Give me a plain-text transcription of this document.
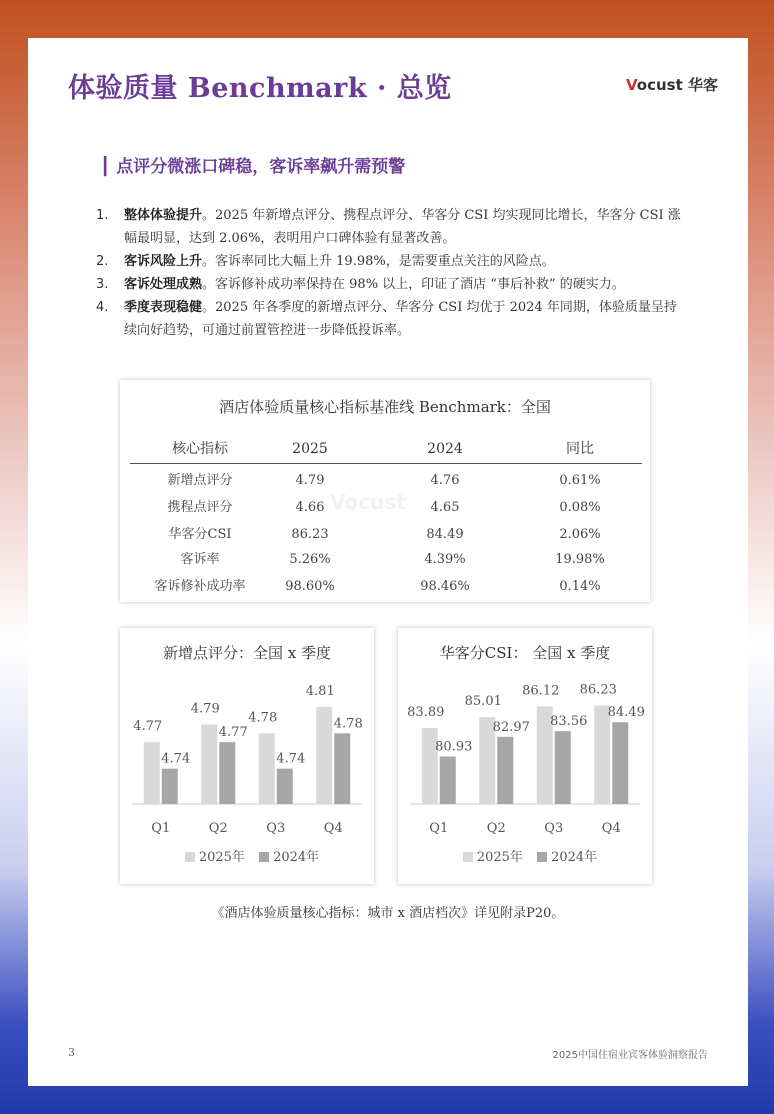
体验质量 Benchmark · 总览	Vocust 华客
┃ 点评分微涨口碑稳，客诉率飙升需预警
1. 整体体验提升。2025 年新增点评分、携程点评分、华客分 CSI 均实现同比增长，华客分 CSI 涨幅最明显，达到 2.06%，表明用户口碑体验有显著改善。
2. 客诉风险上升。客诉率同比大幅上升 19.98%，是需要重点关注的风险点。
3. 客诉处理成熟。客诉修补成功率保持在 98% 以上，印证了酒店 “事后补救” 的硬实力。
4. 季度表现稳健。2025 年各季度的新增点评分、华客分 CSI 均优于 2024 年同期，体验质量呈持续向好趋势，可通过前置管控进一步降低投诉率。
Vocust
酒店体验质量核心指标基准线 Benchmark：全国
核心指标	2025	2024	同比
新增点评分	4.79	4.76	0.61%
携程点评分	4.66	4.65	0.08%
华客分CSI	86.23	84.49	2.06%
客诉率	5.26%	4.39%	19.98%
客诉修补成功率	98.60%	98.46%	0.14%
新增点评分：全国 x 季度
4.77
4.74
Q1
4.79
4.77
Q2
4.78
4.74
Q3
4.81
4.78
Q4
2025年 2024年
华客分CSI： 全国 x 季度
83.89
80.93
Q1
85.01
82.97
Q2
86.12
83.56
Q3
86.23
84.49
Q4
2025年 2024年
《酒店体验质量核心指标：城市 x 酒店档次》详见附录P20。
3	2025中国住宿业宾客体验洞察报告
